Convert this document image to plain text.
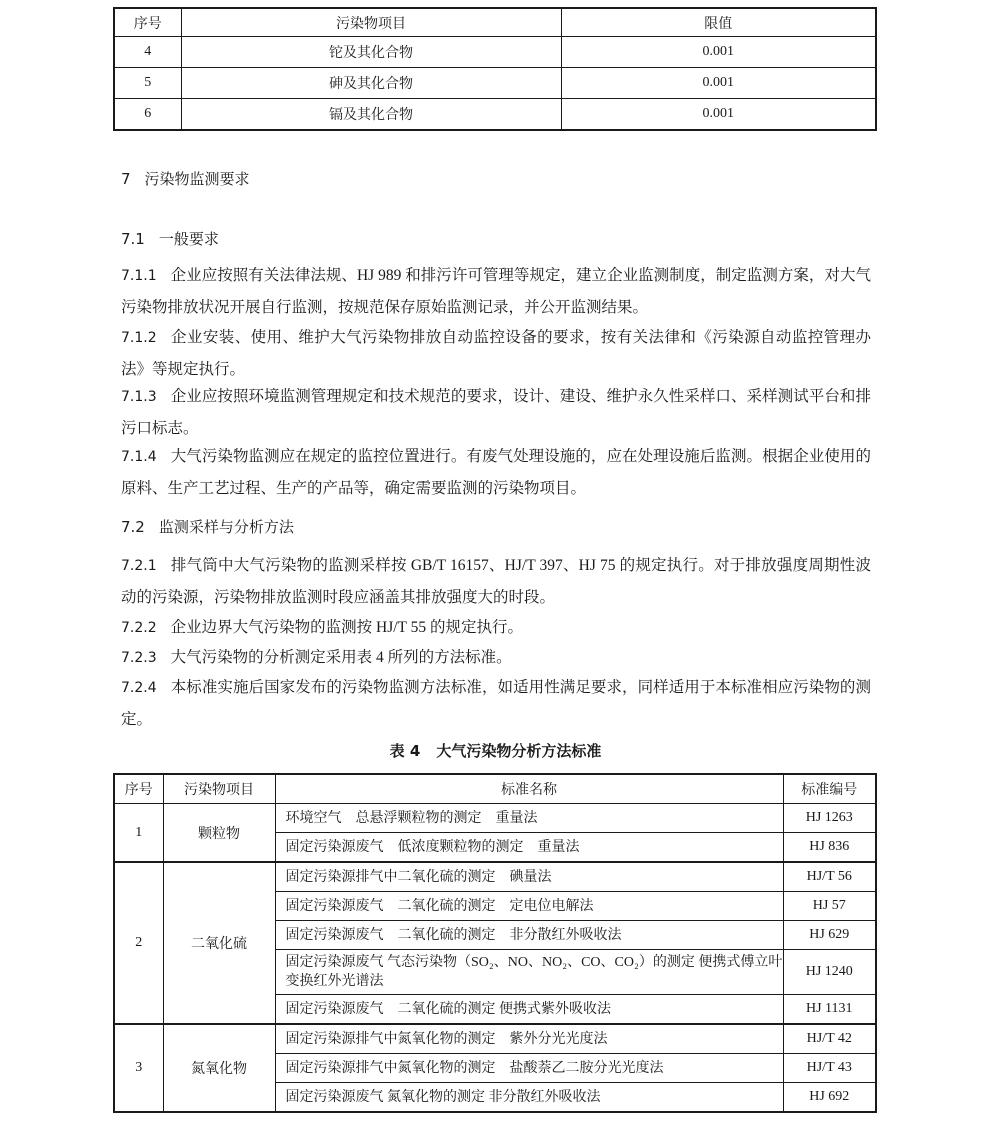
序号	污染物项目	限值
4	铊及其化合物	0.001
5	砷及其化合物	0.001
6	镉及其化合物	0.001
7 污染物监测要求
7.1 一般要求
7.1.1 企业应按照有关法律法规、HJ 989 和排污许可管理等规定，建立企业监测制度，制定监测方案，对大气污染物排放状况开展自行监测，按规范保存原始监测记录，并公开监测结果。
7.1.2 企业安装、使用、维护大气污染物排放自动监控设备的要求，按有关法律和《污染源自动监控管理办法》等规定执行。
7.1.3 企业应按照环境监测管理规定和技术规范的要求，设计、建设、维护永久性采样口、采样测试平台和排污口标志。
7.1.4 大气污染物监测应在规定的监控位置进行。有废气处理设施的，应在处理设施后监测。根据企业使用的原料、生产工艺过程、生产的产品等，确定需要监测的污染物项目。
7.2 监测采样与分析方法
7.2.1 排气筒中大气污染物的监测采样按 GB/T 16157、HJ/T 397、HJ 75 的规定执行。对于排放强度周期性波动的污染源，污染物排放监测时段应涵盖其排放强度大的时段。
7.2.2 企业边界大气污染物的监测按 HJ/T 55 的规定执行。
7.2.3 大气污染物的分析测定采用表 4 所列的方法标准。
7.2.4 本标准实施后国家发布的污染物监测方法标准，如适用性满足要求，同样适用于本标准相应污染物的测定。
表 4 大气污染物分析方法标准
序号	污染物项目	标准名称	标准编号
1	颗粒物	环境空气　总悬浮颗粒物的测定　重量法	HJ 1263
		固定污染源废气　低浓度颗粒物的测定　重量法	HJ 836
2	二氧化硫	固定污染源排气中二氧化硫的测定　碘量法	HJ/T 56
		固定污染源废气　二氧化硫的测定　定电位电解法	HJ 57
		固定污染源废气　二氧化硫的测定　非分散红外吸收法	HJ 629
		固定污染源废气 气态污染物（SO₂、NO、NO₂、CO、CO₂）的测定 便携式傅立叶变换红外光谱法	HJ 1240
		固定污染源废气　二氧化硫的测定 便携式紫外吸收法	HJ 1131
3	氮氧化物	固定污染源排气中氮氧化物的测定　紫外分光光度法	HJ/T 42
		固定污染源排气中氮氧化物的测定　盐酸萘乙二胺分光光度法	HJ/T 43
		固定污染源废气 氮氧化物的测定 非分散红外吸收法	HJ 692
